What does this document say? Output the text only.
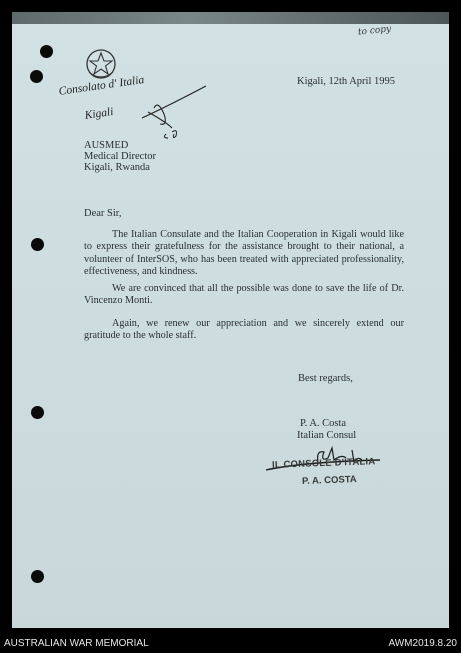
to copy
Consolato d' Italia
Kigali
Kigali, 12th April 1995
AUSMED
Medical Director
Kigali, Rwanda
Dear Sir,
The Italian Consulate and the Italian Cooperation in Kigali would like to express their gratefulness for the assistance brought to their national, a volunteer of InterSOS, who has been treated with appreciated professionality, effectiveness, and kindness.
We are convinced that all the possible was done to save the life of Dr. Vincenzo Monti.
Again, we renew our appreciation and we sincerely extend our gratitude to the whole staff.
Best regards,
P. A. Costa
Italian Consul
IL CONSOLE D'ITALIA
P. A. COSTA
AUSTRALIAN WAR MEMORIAL	AWM2019.8.20
